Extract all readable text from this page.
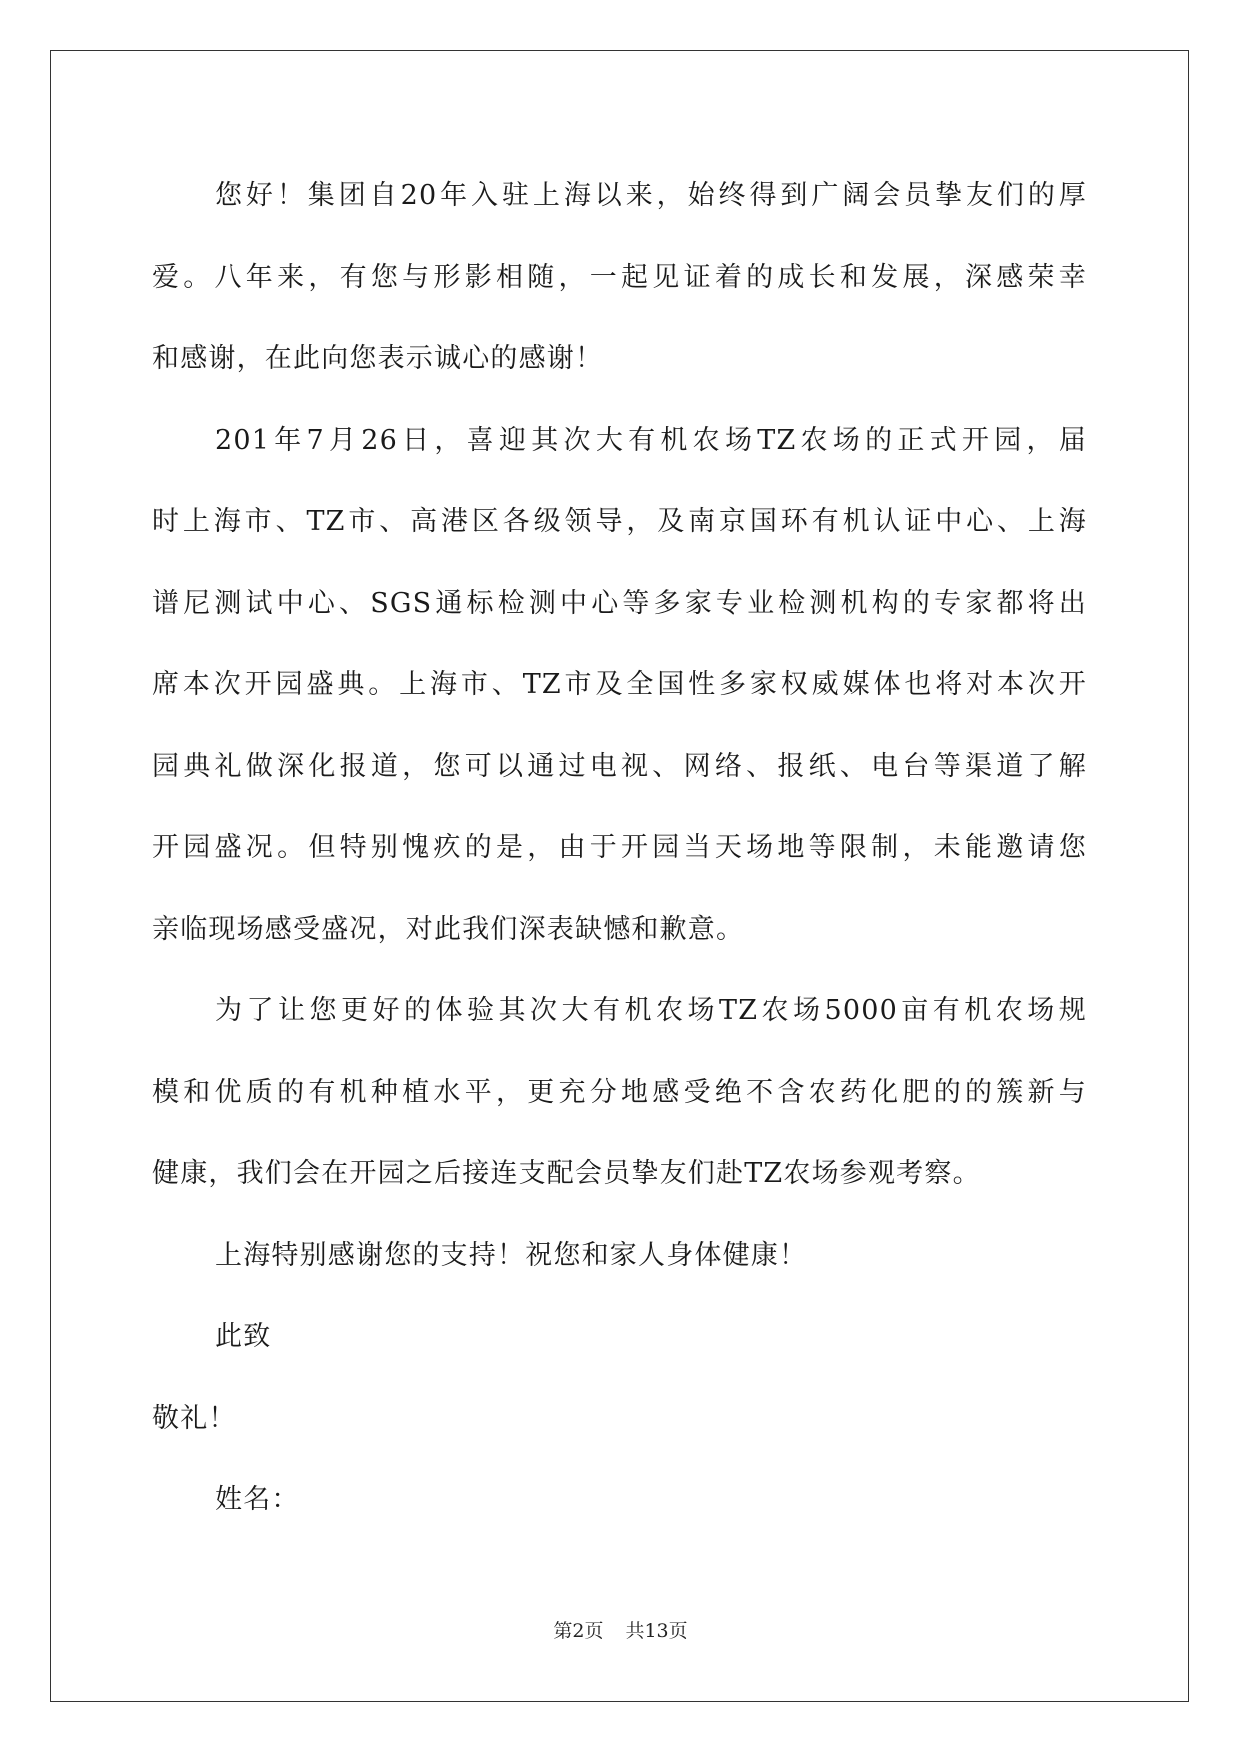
您好！集团自20年入驻上海以来，始终得到广阔会员挚友们的厚
爱。八年来，有您与形影相随，一起见证着的成长和发展，深感荣幸
和感谢，在此向您表示诚心的感谢！
201年7月26日，喜迎其次大有机农场TZ农场的正式开园，届
时上海市、TZ市、高港区各级领导，及南京国环有机认证中心、上海
谱尼测试中心、SGS通标检测中心等多家专业检测机构的专家都将出
席本次开园盛典。上海市、TZ市及全国性多家权威媒体也将对本次开
园典礼做深化报道，您可以通过电视、网络、报纸、电台等渠道了解
开园盛况。但特别愧疚的是，由于开园当天场地等限制，未能邀请您
亲临现场感受盛况，对此我们深表缺憾和歉意。
为了让您更好的体验其次大有机农场TZ农场5000亩有机农场规
模和优质的有机种植水平，更充分地感受绝不含农药化肥的的簇新与
健康，我们会在开园之后接连支配会员挚友们赴TZ农场参观考察。
上海特别感谢您的支持！祝您和家人身体健康！
此致
敬礼！
姓名：
第2页 共13页
